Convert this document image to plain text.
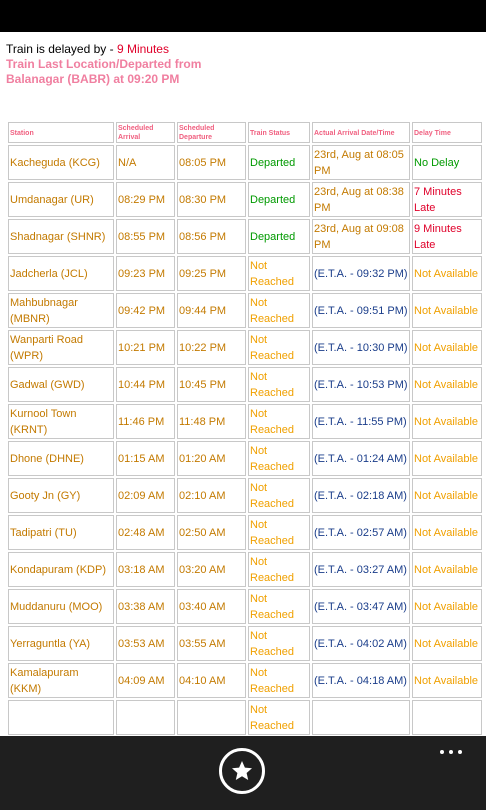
Train is delayed by - 9 Minutes
Train Last Location/Departed from
Balanagar (BABR) at 09:20 PM
Station	Scheduled Arrival	Scheduled Departure	Train Status	Actual Arrival Date/Time	Delay Time
Kacheguda (KCG)	N/A	08:05 PM	Departed	23rd, Aug at 08:05 PM	No Delay
Umdanagar (UR)	08:29 PM	08:30 PM	Departed	23rd, Aug at 08:38 PM	7 Minutes Late
Shadnagar (SHNR)	08:55 PM	08:56 PM	Departed	23rd, Aug at 09:08 PM	9 Minutes Late
Jadcherla (JCL)	09:23 PM	09:25 PM	Not Reached	(E.T.A. - 09:32 PM)	Not Available
Mahbubnagar (MBNR)	09:42 PM	09:44 PM	Not Reached	(E.T.A. - 09:51 PM)	Not Available
Wanparti Road (WPR)	10:21 PM	10:22 PM	Not Reached	(E.T.A. - 10:30 PM)	Not Available
Gadwal (GWD)	10:44 PM	10:45 PM	Not Reached	(E.T.A. - 10:53 PM)	Not Available
Kurnool Town (KRNT)	11:46 PM	11:48 PM	Not Reached	(E.T.A. - 11:55 PM)	Not Available
Dhone (DHNE)	01:15 AM	01:20 AM	Not Reached	(E.T.A. - 01:24 AM)	Not Available
Gooty Jn (GY)	02:09 AM	02:10 AM	Not Reached	(E.T.A. - 02:18 AM)	Not Available
Tadipatri (TU)	02:48 AM	02:50 AM	Not Reached	(E.T.A. - 02:57 AM)	Not Available
Kondapuram (KDP)	03:18 AM	03:20 AM	Not Reached	(E.T.A. - 03:27 AM)	Not Available
Muddanuru (MOO)	03:38 AM	03:40 AM	Not Reached	(E.T.A. - 03:47 AM)	Not Available
Yerraguntla (YA)	03:53 AM	03:55 AM	Not Reached	(E.T.A. - 04:02 AM)	Not Available
Kamalapuram (KKM)	04:09 AM	04:10 AM	Not Reached	(E.T.A. - 04:18 AM)	Not Available
			Not Reached		
